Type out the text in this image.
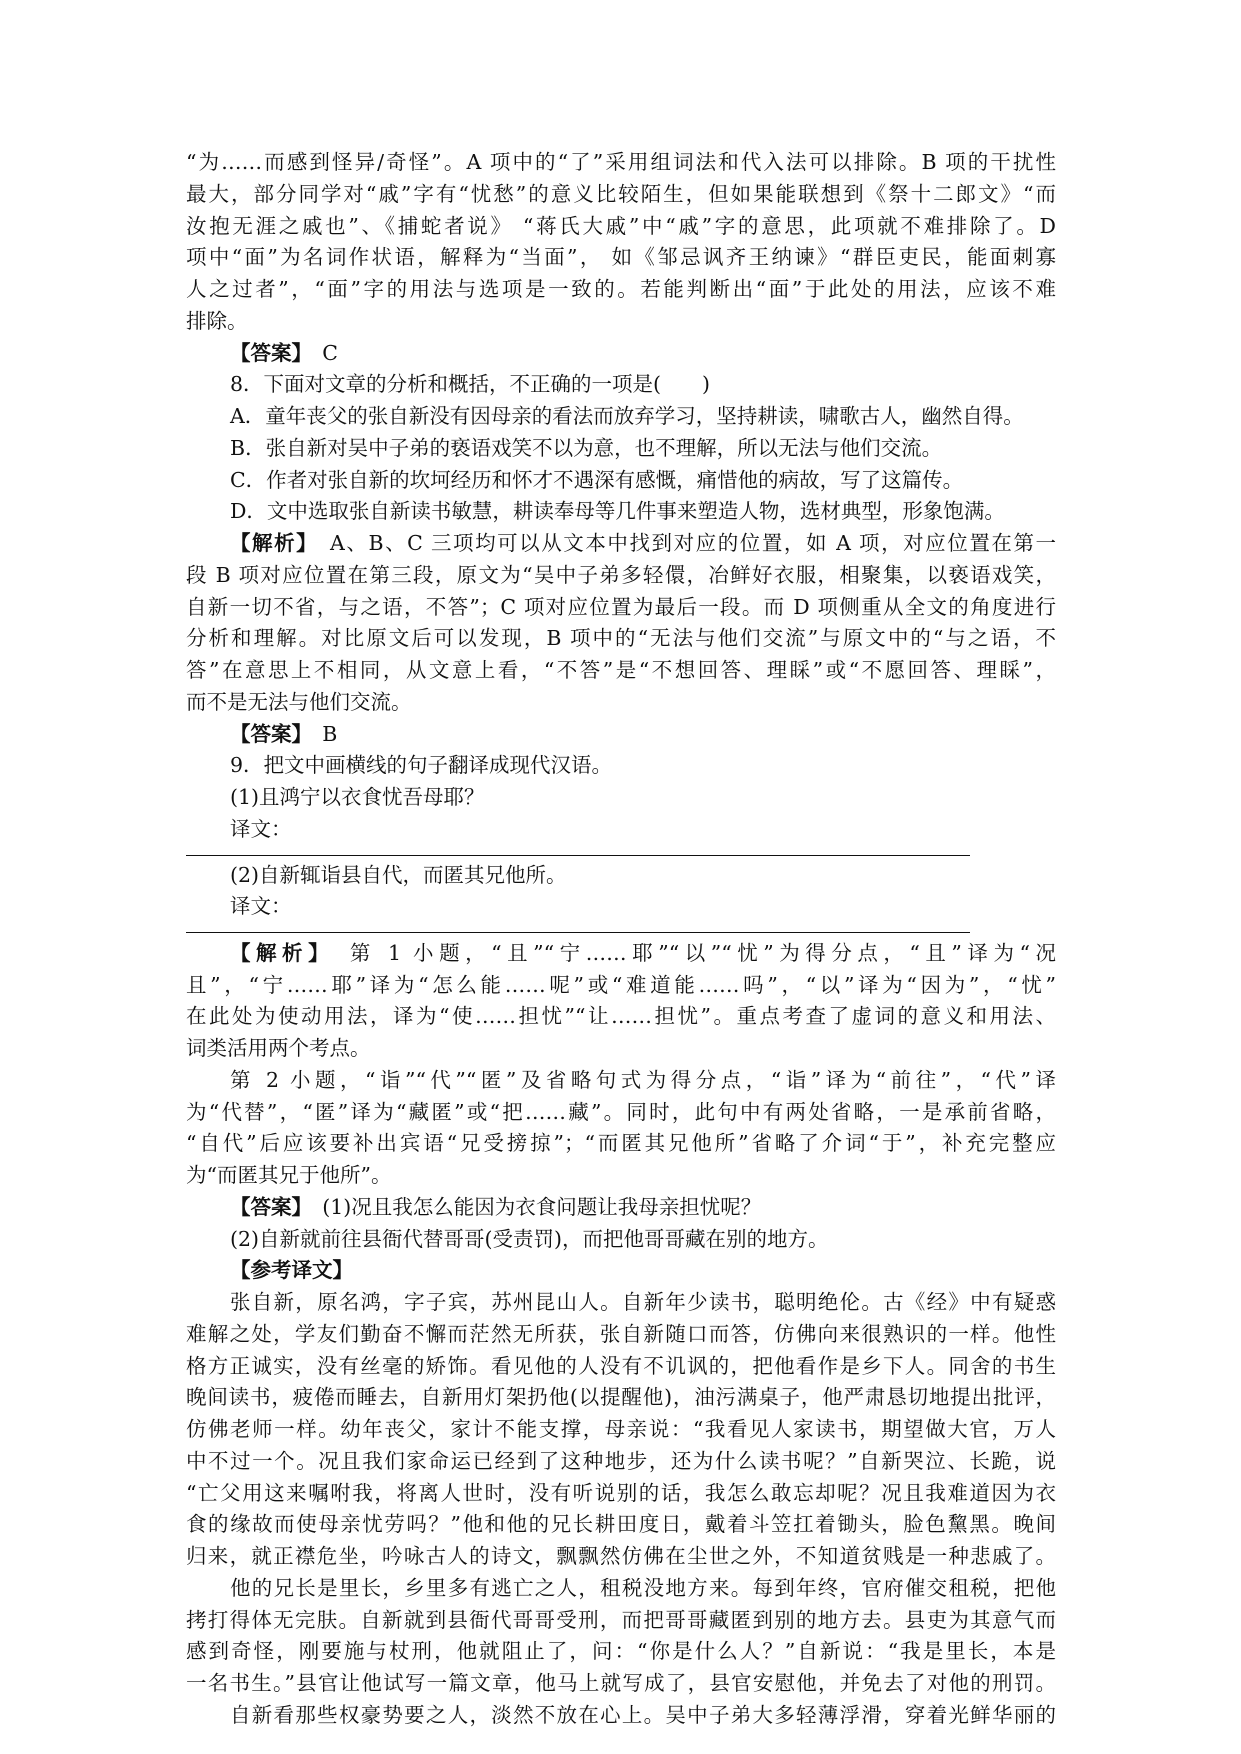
“为……而感到怪异/奇怪”。A 项中的“了”采用组词法和代入法可以排除。B 项的干扰性

最大，部分同学对“戚”字有“忧愁”的意义比较陌生，但如果能联想到《祭十二郎文》“而

汝抱无涯之戚也”、《捕蛇者说》 “蒋氏大戚”中“戚”字的意思，此项就不难排除了。D

项中“面”为名词作状语，解释为“当面”， 如《邹忌讽齐王纳谏》“群臣吏民，能面刺寡

人之过者”，“面”字的用法与选项是一致的。若能判断出“面”于此处的用法，应该不难

排除。

【答案】　 C

8．下面对文章的分析和概括，不正确的一项是(　　)

A．童年丧父的张自新没有因母亲的看法而放弃学习，坚持耕读，啸歌古人，幽然自得。

B．张自新对吴中子弟的亵语戏笑不以为意，也不理解，所以无法与他们交流。

C．作者对张自新的坎坷经历和怀才不遇深有感慨，痛惜他的病故，写了这篇传。

D．文中选取张自新读书敏慧，耕读奉母等几件事来塑造人物，选材典型，形象饱满。

【解析】　A、B、C 三项均可以从文本中找到对应的位置，如 A 项，对应位置在第一

段 B 项对应位置在第三段，原文为“吴中子弟多轻儇，冶鲜好衣服，相聚集，以亵语戏笑，

自新一切不省，与之语，不答”；C 项对应位置为最后一段。而 D 项侧重从全文的角度进行

分析和理解。对比原文后可以发现，B 项中的“无法与他们交流”与原文中的“与之语，不

答”在意思上不相同，从文意上看，“不答”是“不想回答、理睬”或“不愿回答、理睬”，

而不是无法与他们交流。

【答案】　 B

9．把文中画横线的句子翻译成现代汉语。

(1)且鸿宁以衣食忧吾母耶？

译文：

(2)自新辄诣县自代，而匿其兄他所。

译文：

【解析】　第 1 小题，“且”“宁……耶”“以”“忧”为得分点，“且”译为“况

且”，“宁……耶”译为“怎么能……呢”或“难道能……吗”，“以”译为“因为”，“忧”

在此处为使动用法，译为“使……担忧”“让……担忧”。重点考查了虚词的意义和用法、

词类活用两个考点。

第 2 小题，“诣”“代”“匿”及省略句式为得分点，“诣”译为“前往”，“代”译

为“代替”，“匿”译为“藏匿”或“把……藏”。同时，此句中有两处省略，一是承前省略，

“自代”后应该要补出宾语“兄受搒掠”；“而匿其兄他所”省略了介词“于”，补充完整应

为“而匿其兄于他所”。

【答案】　(1)况且我怎么能因为衣食问题让我母亲担忧呢？

(2)自新就前往县衙代替哥哥(受责罚)，而把他哥哥藏在别的地方。

【参考译文】

张自新，原名鸿，字子宾，苏州昆山人。自新年少读书，聪明绝伦。古《经》中有疑惑

难解之处，学友们勤奋不懈而茫然无所获，张自新随口而答，仿佛向来很熟识的一样。他性

格方正诚实，没有丝毫的矫饰。看见他的人没有不讥讽的，把他看作是乡下人。同舍的书生

晚间读书，疲倦而睡去，自新用灯架扔他(以提醒他)，油污满桌子，他严肃恳切地提出批评，

仿佛老师一样。幼年丧父，家计不能支撑，母亲说：“我看见人家读书，期望做大官，万人

中不过一个。况且我们家命运已经到了这种地步，还为什么读书呢？”自新哭泣、长跪，说

“亡父用这来嘱咐我，将离人世时，没有听说别的话，我怎么敢忘却呢？况且我难道因为衣

食的缘故而使母亲忧劳吗？”他和他的兄长耕田度日，戴着斗笠扛着锄头，脸色黧黑。晚间

归来，就正襟危坐，吟咏古人的诗文，飘飘然仿佛在尘世之外，不知道贫贱是一种悲戚了。

他的兄长是里长，乡里多有逃亡之人，租税没地方来。每到年终，官府催交租税，把他

拷打得体无完肤。自新就到县衙代哥哥受刑，而把哥哥藏匿到别的地方去。县吏为其意气而

感到奇怪，刚要施与杖刑，他就阻止了，问：“你是什么人？”自新说：“我是里长，本是

一名书生。”县官让他试写一篇文章，他马上就写成了，县官安慰他，并免去了对他的刑罚。

自新看那些权豪势要之人，淡然不放在心上。吴中子弟大多轻薄浮滑，穿着光鲜华丽的
